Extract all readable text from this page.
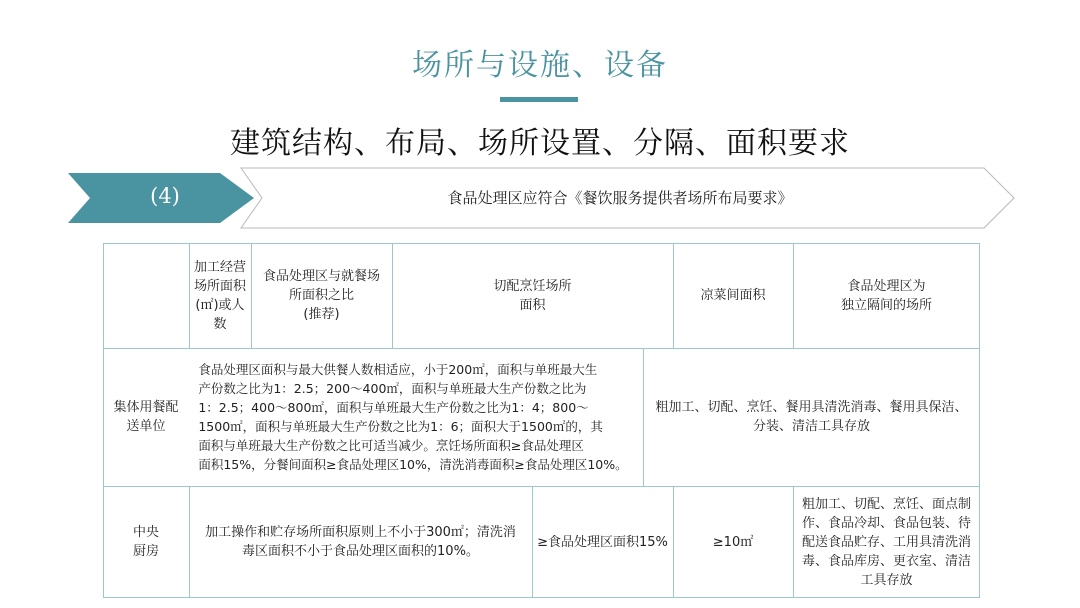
场所与设施、设备
建筑结构、布局、场所设置、分隔、面积要求
(4)	食品处理区应符合《餐饮服务提供者场所布局要求》
加工经营
场所面积
(㎡)或人
数
食品处理区与就餐场
所面积之比
(推荐)
切配烹饪场所
面积
凉菜间面积
食品处理区为
独立隔间的场所
集体用餐配
送单位
食品处理区面积与最大供餐人数相适应，小于200㎡，面积与单班最大生
产份数之比为1：2.5；200～400㎡，面积与单班最大生产份数之比为
1：2.5；400～800㎡，面积与单班最大生产份数之比为1：4；800～
1500㎡，面积与单班最大生产份数之比为1：6；面积大于1500㎡的，其
面积与单班最大生产份数之比可适当减少。烹饪场所面积≥食品处理区
面积15%，分餐间面积≥食品处理区10%，清洗消毒面积≥食品处理区10%。
粗加工、切配、烹饪、餐用具清洗消毒、餐用具保洁、
分装、清洁工具存放
中央
厨房
加工操作和贮存场所面积原则上不小于300㎡；清洗消
毒区面积不小于食品处理区面积的10%。
≥食品处理区面积15%	≥10㎡
粗加工、切配、烹饪、面点制
作、食品冷却、食品包装、待
配送食品贮存、工用具清洗消
毒、食品库房、更衣室、清洁
工具存放
